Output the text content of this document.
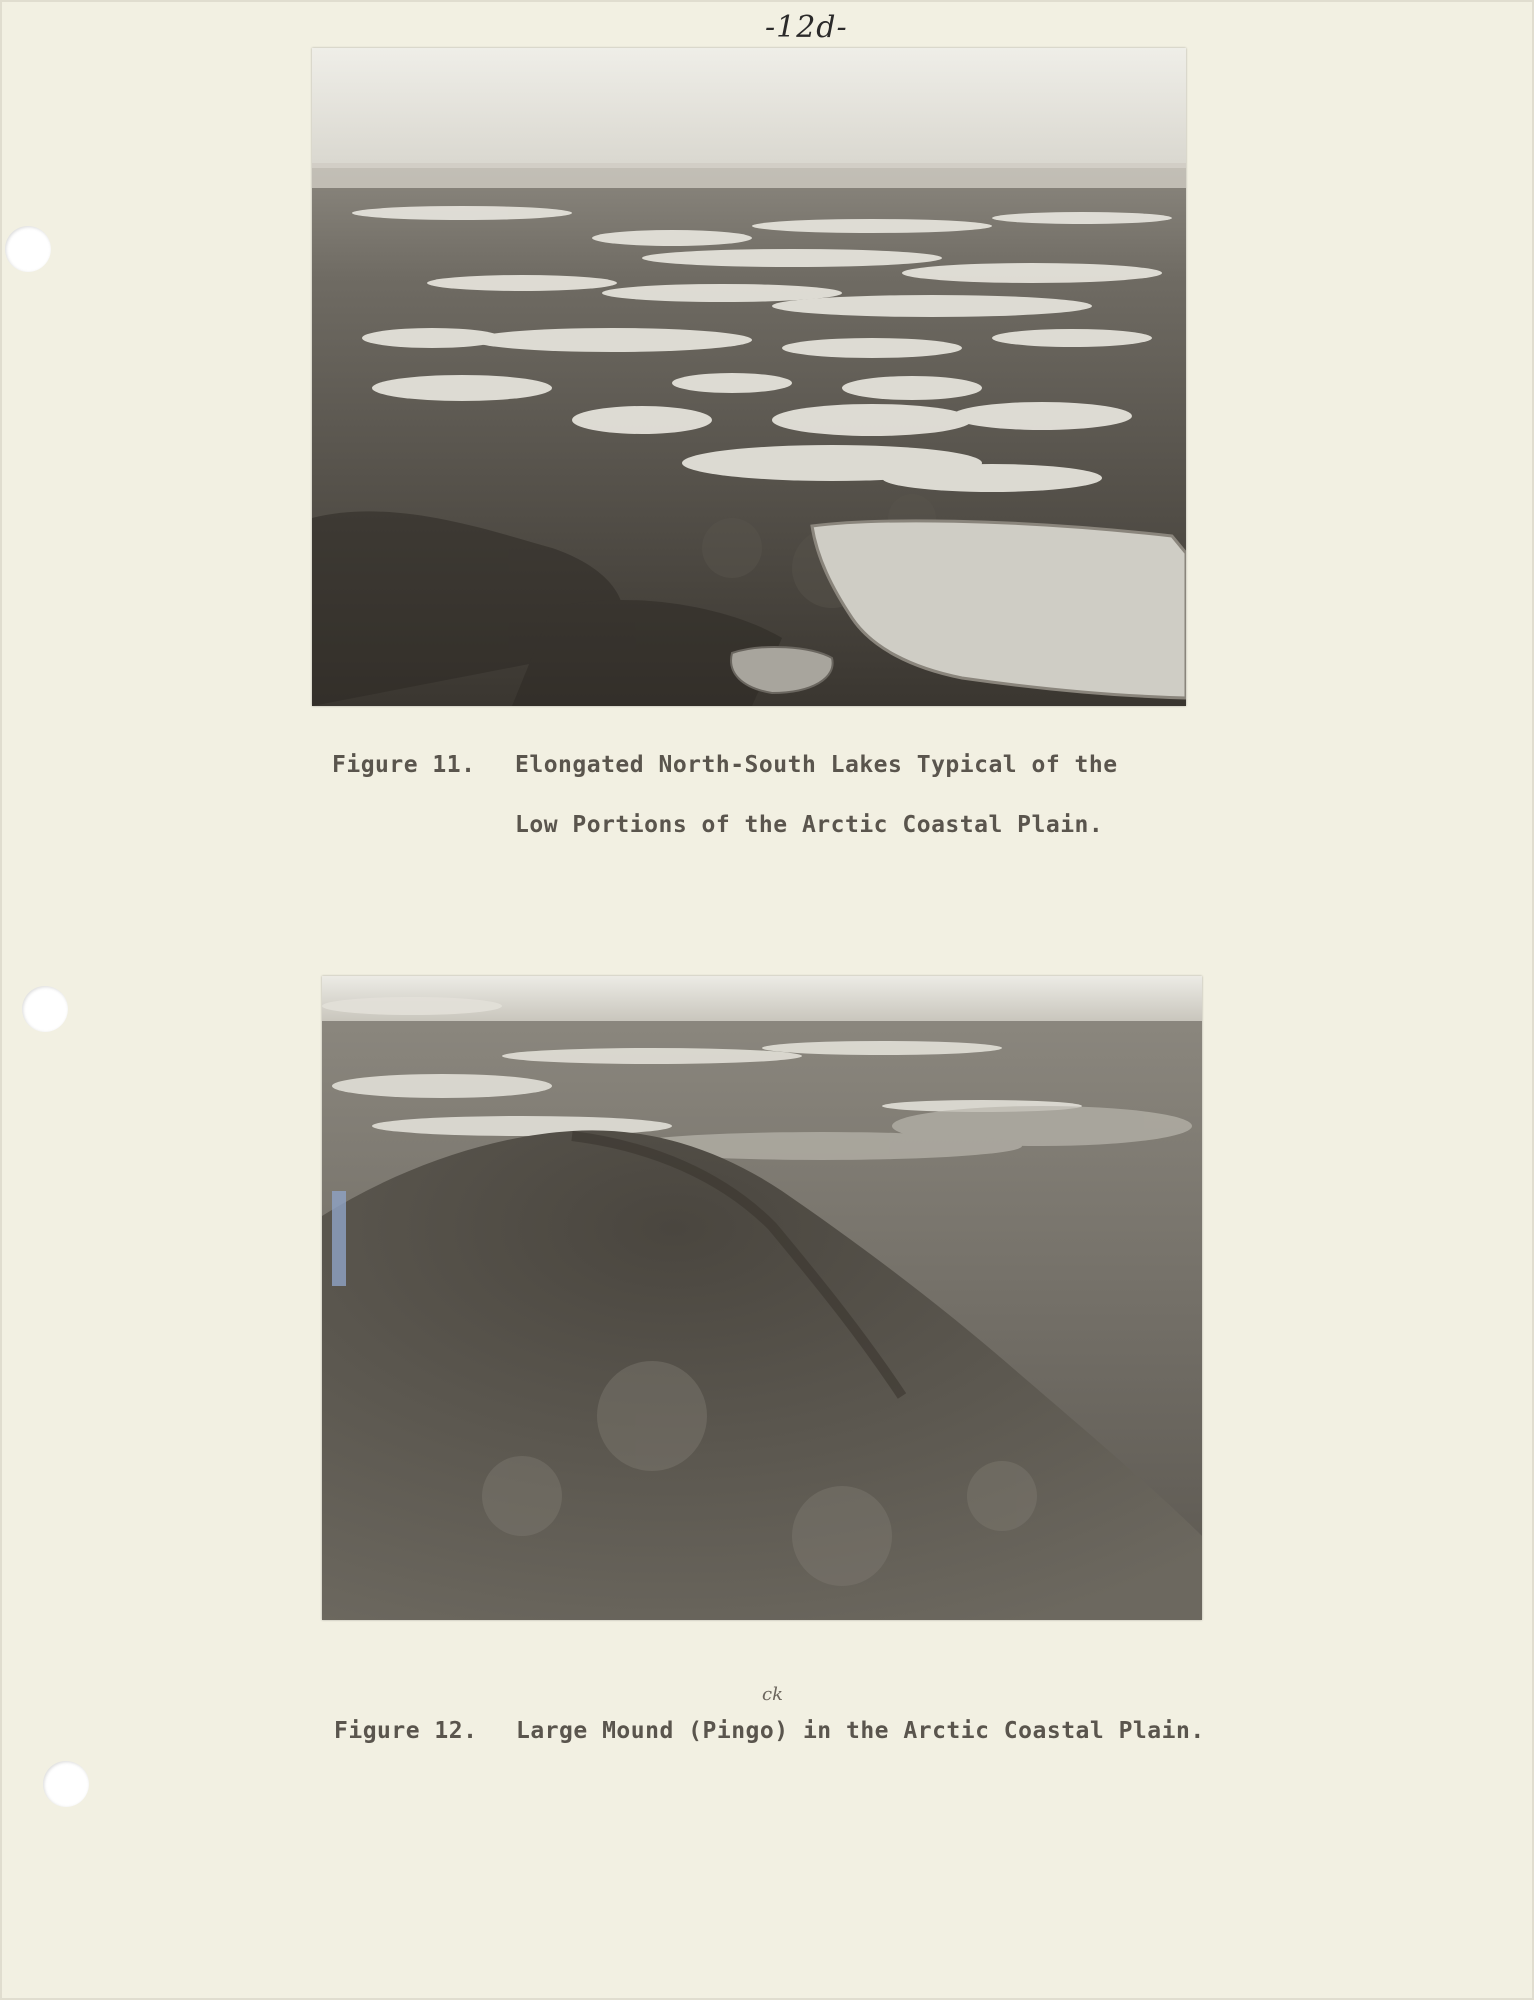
-12d-
Figure 11. Elongated North-South Lakes Typical of the
Low Portions of the Arctic Coastal Plain.
ck
Figure 12. Large Mound (Pingo) in the Arctic Coastal Plain.
